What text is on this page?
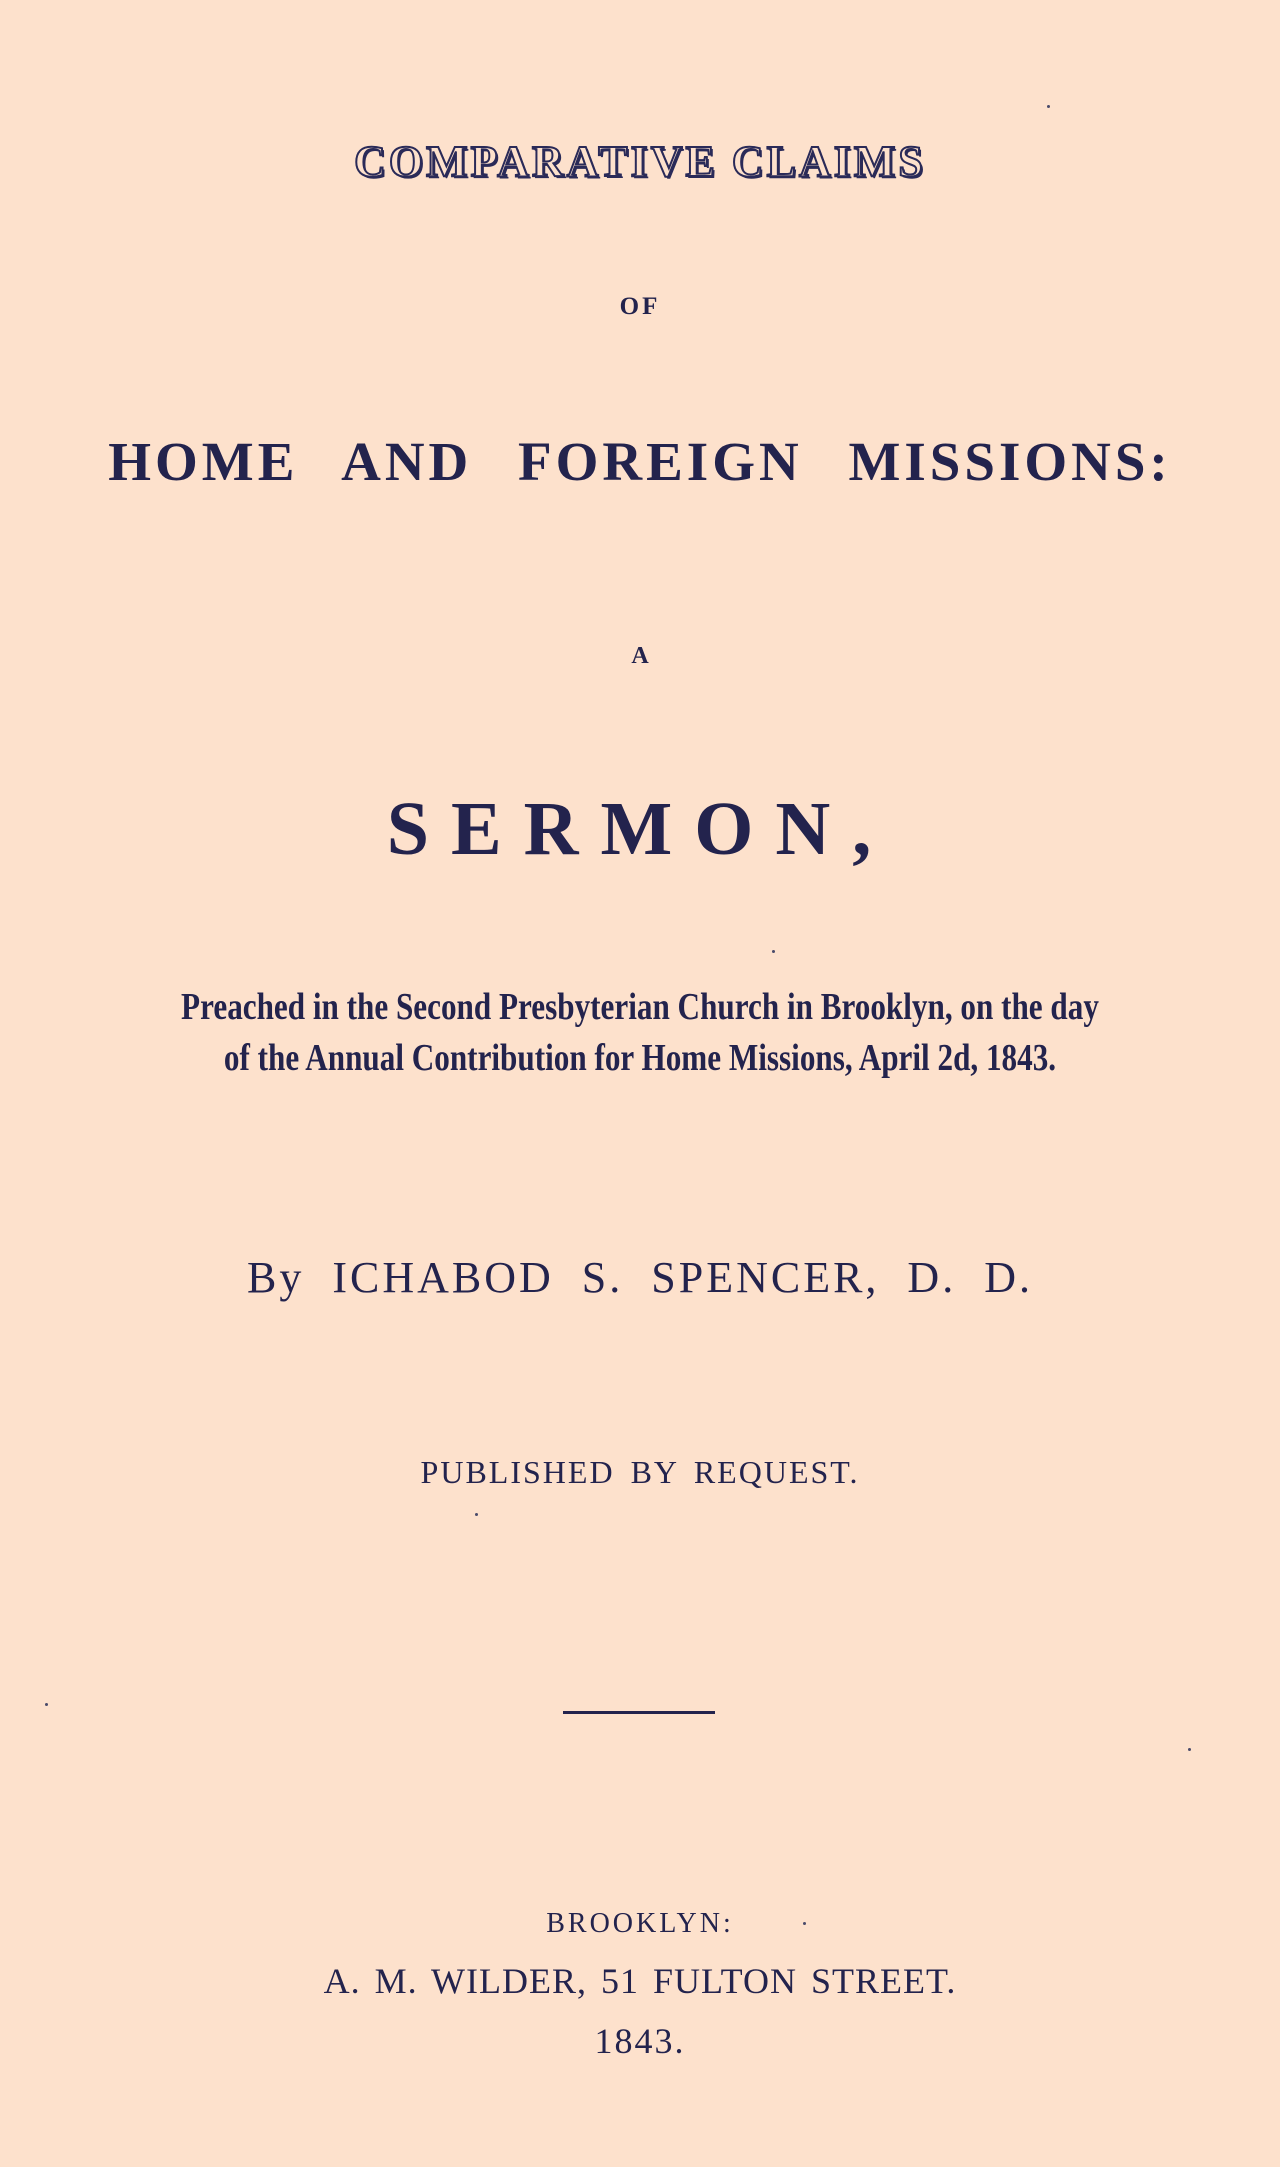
COMPARATIVE CLAIMS
OF
HOME AND FOREIGN MISSIONS:
A
SERMON,
Preached in the Second Presbyterian Church in Brooklyn, on the day
of the Annual Contribution for Home Missions, April 2d, 1843.
By ICHABOD S. SPENCER, D. D.
PUBLISHED BY REQUEST.
BROOKLYN:
A. M. WILDER, 51 FULTON STREET.
1843.
